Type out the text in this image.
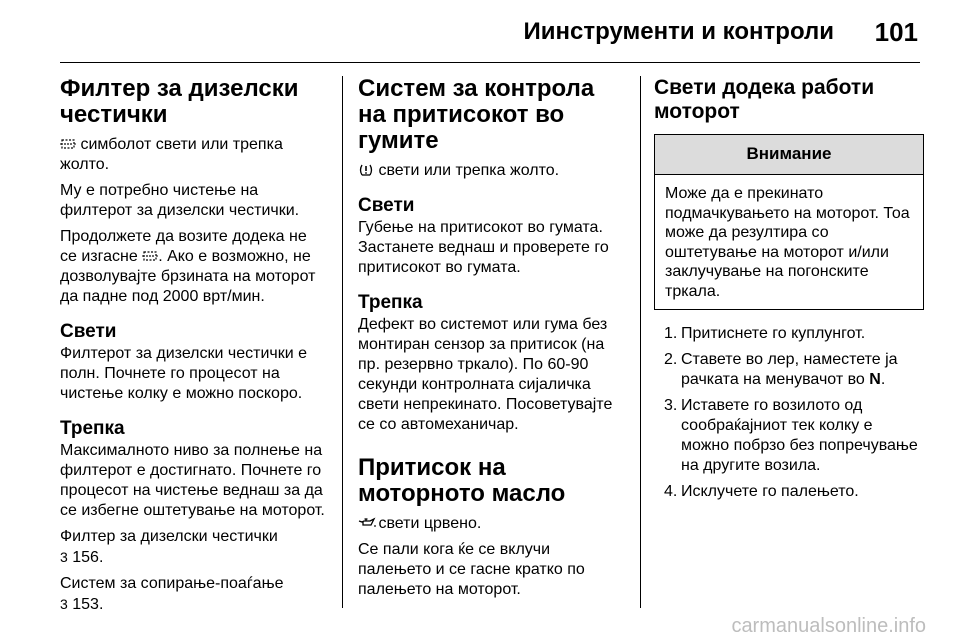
Иинструменти и контроли 101
Филтер за дизелски честички

симболот свети или трепка жолто.

Му е потребно чистење на филтерот за дизелски честички.

Продолжете да возите додека не се изгасне
. Ако е возможно, не дозволувајте брзината на моторот да падне под 2000 врт/мин.

Свети

Филтерот за дизелски честички е полн. Почнете го процесот на чистење колку е можно поскоро.

Трепка

Максималното ниво за полнење на филтерот е достигнато. Почнете го процесот на чистење веднаш за да се избегне оштетување на моторот.

Филтер за дизелски честички
3 156.

Систем за сопирање-поаѓање
3 153.

Систем за контрола на притисокот во гумите

свети или трепка жолто.

Свети

Губење на притисокот во гумата. Застанете веднаш и проверете го притисокот во гумата.

Трепка

Дефект во системот или гума без монтиран сензор за притисок (на пр. резервно тркало). По 60-90 секунди контролната сијаличка свети непрекинато. Посоветувајте се со автомеханичар.

Притисок на моторното масло

свети црвено.

Се пали кога ќе се вклучи палењето и се гасне кратко по палењето на моторот.

Свети додека работи моторот
Внимание
Може да е прекинато подмачкувањето на моторот. Тоа може да резултира со оштетување на моторот и/или заклучување на погонските тркала.
1. Притиснете го куплунгот.
2. Ставете во лер, наместете ја рачката на менувачот во N.
3. Иставете го возилото од сообраќајниот тек колку е можно побрзо без попречување на другите возила.
4. Исклучете го палењето.
carmanualsonline.info
